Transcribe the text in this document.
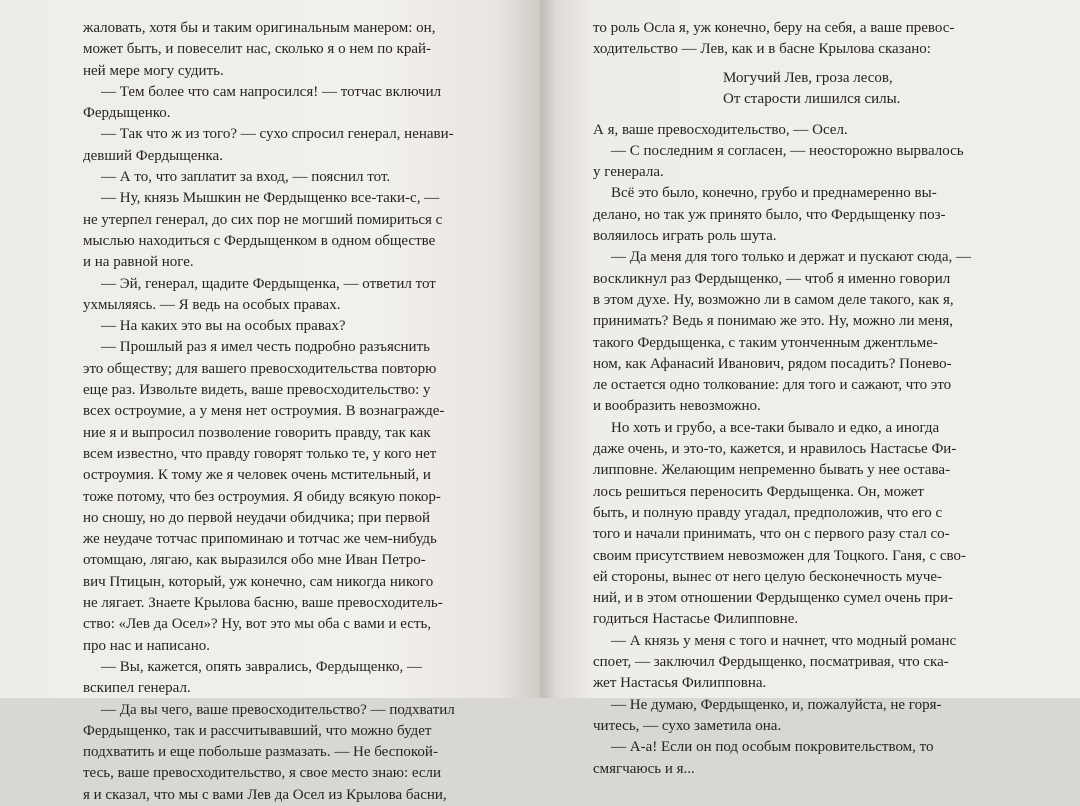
жаловать, хотя бы и таким оригинальным манером: он,

может быть, и повеселит нас, сколько я о нем по край-

ней мере могу судить.

— Тем более что сам напросился! — тотчас включил

Фердыщенко.

— Так что ж из того? — сухо спросил генерал, ненави-

девший Фердыщенка.

— А то, что заплатит за вход, — пояснил тот.

— Ну, князь Мышкин не Фердыщенко все-таки-с, —

не утерпел генерал, до сих пор не могший помириться с

мыслью находиться с Фердыщенком в одном обществе

и на равной ноге.

— Эй, генерал, щадите Фердыщенка, — ответил тот

ухмыляясь. — Я ведь на особых правах.

— На каких это вы на особых правах?

— Прошлый раз я имел честь подробно разъяснить

это обществу; для вашего превосходительства повторю

еще раз. Извольте видеть, ваше превосходительство: у

всех остроумие, а у меня нет остроумия. В вознагражде-

ние я и выпросил позволение говорить правду, так как

всем известно, что правду говорят только те, у кого нет

остроумия. К тому же я человек очень мстительный, и

тоже потому, что без остроумия. Я обиду всякую покор-

но сношу, но до первой неудачи обидчика; при первой

же неудаче тотчас припоминаю и тотчас же чем-нибудь

отомщаю, лягаю, как выразился обо мне Иван Петро-

вич Птицын, который, уж конечно, сам никогда никого

не лягает. Знаете Крылова басню, ваше превосходитель-

ство: «Лев да Осел»? Ну, вот это мы оба с вами и есть,

про нас и написано.

— Вы, кажется, опять заврались, Фердыщенко, —

вскипел генерал.

— Да вы чего, ваше превосходительство? — подхватил

Фердыщенко, так и рассчитывавший, что можно будет

подхватить и еще побольше размазать. — Не беспокой-

тесь, ваше превосходительство, я свое место знаю: если

я и сказал, что мы с вами Лев да Осел из Крылова басни,

то роль Осла я, уж конечно, беру на себя, а ваше превос-

ходительство — Лев, как и в басне Крылова сказано:

Могучий Лев, гроза лесов,
От старости лишился силы.

А я, ваше превосходительство, — Осел.

— С последним я согласен, — неосторожно вырвалось

у генерала.

Всё это было, конечно, грубо и преднамеренно вы-

делано, но так уж принято было, что Фердыщенку поз-

воляилось играть роль шута.

— Да меня для того только и держат и пускают сюда, —

воскликнул раз Фердыщенко, — чтоб я именно говорил

в этом духе. Ну, возможно ли в самом деле такого, как я,

принимать? Ведь я понимаю же это. Ну, можно ли меня,

такого Фердыщенка, с таким утонченным джентльме-

ном, как Афанасий Иванович, рядом посадить? Понево-

ле остается одно толкование: для того и сажают, что это

и вообразить невозможно.

Но хоть и грубо, а все-таки бывало и едко, а иногда

даже очень, и это-то, кажется, и нравилось Настасье Фи-

липповне. Желающим непременно бывать у нее остава-

лось решиться переносить Фердыщенка. Он, может

быть, и полную правду угадал, предположив, что его с

того и начали принимать, что он с первого разу стал со-

своим присутствием невозможен для Тоцкого. Ганя, с сво-

ей стороны, вынес от него целую бесконечность муче-

ний, и в этом отношении Фердыщенко сумел очень при-

годиться Настасье Филипповне.

— А князь у меня с того и начнет, что модный романс

споет, — заключил Фердыщенко, посматривая, что ска-

жет Настасья Филипповна.

— Не думаю, Фердыщенко, и, пожалуйста, не горя-

читесь, — сухо заметила она.

— А-а! Если он под особым покровительством, то

смягчаюсь и я...
